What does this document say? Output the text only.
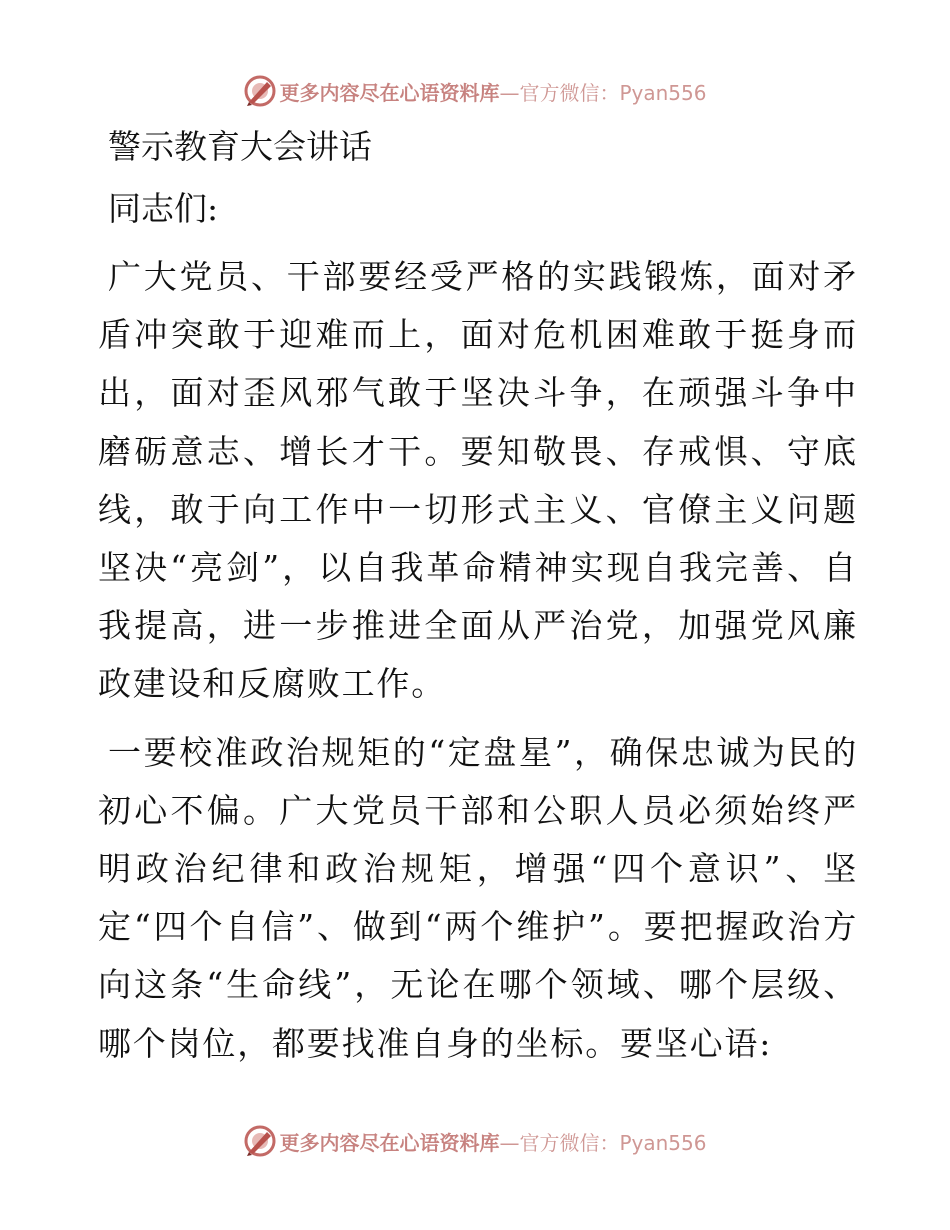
更多内容尽在心语资料库—官方微信：Pyan556
警示教育大会讲话
同志们:

广大党员、干部要经受严格的实践锻炼，面对矛盾冲突敢于迎难而上，面对危机困难敢于挺身而出，面对歪风邪气敢于坚决斗争，在顽强斗争中磨砺意志、增长才干。要知敬畏、存戒惧、守底线，敢于向工作中一切形式主义、官僚主义问题坚决“亮剑”，以自我革命精神实现自我完善、自我提高，进一步推进全面从严治党，加强党风廉政建设和反腐败工作。

一要校准政治规矩的“定盘星”，确保忠诚为民的初心不偏。广大党员干部和公职人员必须始终严明政治纪律和政治规矩，增强“四个意识”、坚定“四个自信”、做到“两个维护”。要把握政治方向这条“生命线”，无论在哪个领域、哪个层级、哪个岗位，都要找准自身的坐标。要坚心语:

更多内容尽在心语资料库—官方微信：Pyan556
